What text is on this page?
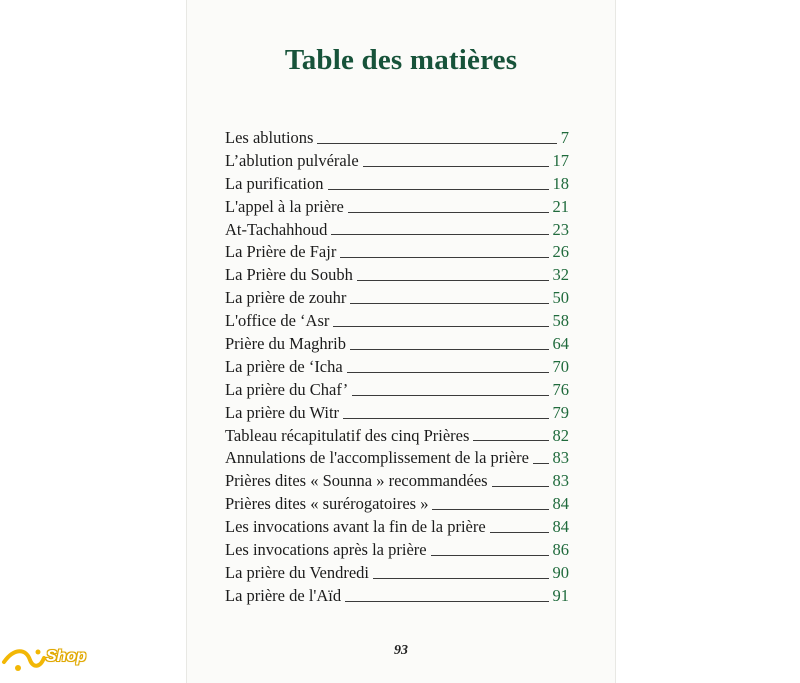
Table des matières
Les ablutions	7
L’ablution pulvérale	17
La purification	18
L'appel à la prière	21
At-Tachahhoud	23
La Prière de Fajr	26
La Prière du Soubh	32
La prière de zouhr	50
L'office de ‘Asr	58
Prière du Maghrib	64
La prière de ‘Icha	70
La prière du Chaf’	76
La prière du Witr	79
Tableau récapitulatif des cinq Prières	82
Annulations de l'accomplissement de la prière 83
Prières dites « Sounna » recommandées	83
Prières dites « surérogatoires »	84
Les invocations avant la fin de la prière	84
Les invocations après la prière	86
La prière du Vendredi	90
La prière de l'Aïd	91
93
Shop
